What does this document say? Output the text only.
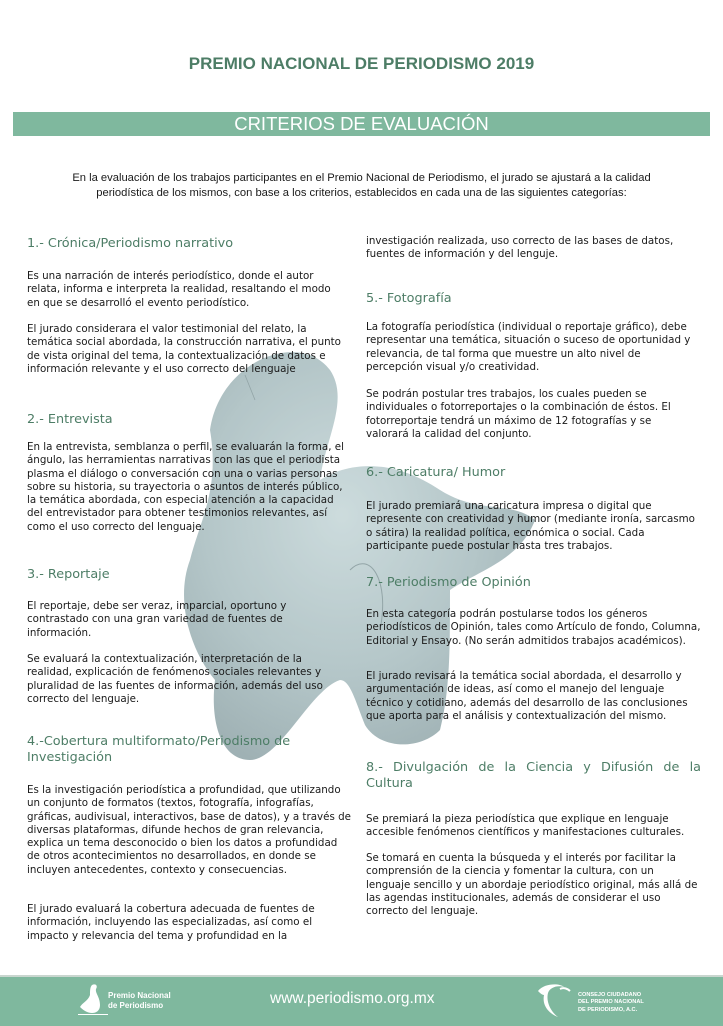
PREMIO NACIONAL DE PERIODISMO 2019
CRITERIOS DE EVALUACIÓN
En la evaluación de los trabajos participantes en el Premio Nacional de Periodismo, el jurado se ajustará a la calidad
periodística de los mismos, con base a los criterios, establecidos en cada una de las siguientes categorías:
1.- Crónica/Periodismo narrativo
Es una narración de interés periodístico, donde el autor relata, informa e interpreta la realidad, resaltando el modo en que se desarrolló el evento periodístico.
El jurado considerara el valor testimonial del relato, la temática social abordada, la construcción narrativa, el punto de vista original del tema, la contextualización de datos e información relevante y el uso correcto del lenguaje
2.- Entrevista
En la entrevista, semblanza o perfil, se evaluarán la forma, el ángulo, las herramientas narrativas con las que el periodista plasma el diálogo o conversación con una o varias personas sobre su historia, su trayectoria o asuntos de interés público, la temática abordada, con especial atención a la capacidad del entrevistador para obtener testimonios relevantes, así como el uso correcto del lenguaje.
3.- Reportaje
El reportaje, debe ser veraz, imparcial, oportuno y contrastado con una gran variedad de fuentes de información.
Se evaluará la contextualización, interpretación de la realidad, explicación de fenómenos sociales relevantes y pluralidad de las fuentes de información, además del uso correcto del lenguaje.
4.-Cobertura multiformato/Periodismo de Investigación
Es la investigación periodística a profundidad, que utilizando un conjunto de formatos (textos, fotografía, infografías, gráficas, audivisual, interactivos, base de datos), y a través de diversas plataformas, difunde hechos de gran relevancia, explica un tema desconocido o bien los datos a profundidad de otros acontecimientos no desarrollados, en donde se incluyen antecedentes, contexto y consecuencias.
El jurado evaluará la cobertura adecuada de fuentes de información, incluyendo las especializadas, así como el impacto y relevancia del tema y profundidad en la
investigación realizada, uso correcto de las bases de datos, fuentes de información y del lenguje.
5.- Fotografía
La fotografía periodística (individual o reportaje gráfico), debe representar una temática, situación o suceso de oportunidad y relevancia, de tal forma que muestre un alto nivel de percepción visual y/o creatividad.
Se podrán postular tres trabajos, los cuales pueden se individuales o fotorreportajes o la combinación de éstos. El fotorreportaje tendrá un máximo de 12 fotografías y se valorará la calidad del conjunto.
6.- Caricatura/ Humor
El jurado premiará una caricatura impresa o digital que represente con creatividad y humor (mediante ironía, sarcasmo o sátira) la realidad política, económica o social. Cada participante puede postular hasta tres trabajos.
7.- Periodismo de Opinión
En esta categoría podrán postularse todos los géneros periodísticos de Opinión, tales como Artículo de fondo, Columna, Editorial y Ensayo. (No serán admitidos trabajos académicos).
El jurado revisará la temática social abordada, el desarrollo y argumentación de ideas, así como el manejo del lenguaje técnico y cotidiano, además del desarrollo de las conclusiones que aporta para el análisis y contextualización del mismo.
8.- Divulgación de la Ciencia y Difusión de la Cultura
Se premiará la pieza periodística que explique en lenguaje accesible fenómenos científicos y manifestaciones culturales.
Se tomará en cuenta la búsqueda y el interés por facilitar la comprensión de la ciencia y fomentar la cultura, con un lenguaje sencillo y un abordaje periodístico original, más allá de las agendas institucionales, además de considerar el uso correcto del lenguaje.
Premio Nacional
de Periodismo	www.periodismo.org.mx	CONSEJO CIUDADANO
DEL PREMIO NACIONAL
DE PERIODISMO, A.C.
